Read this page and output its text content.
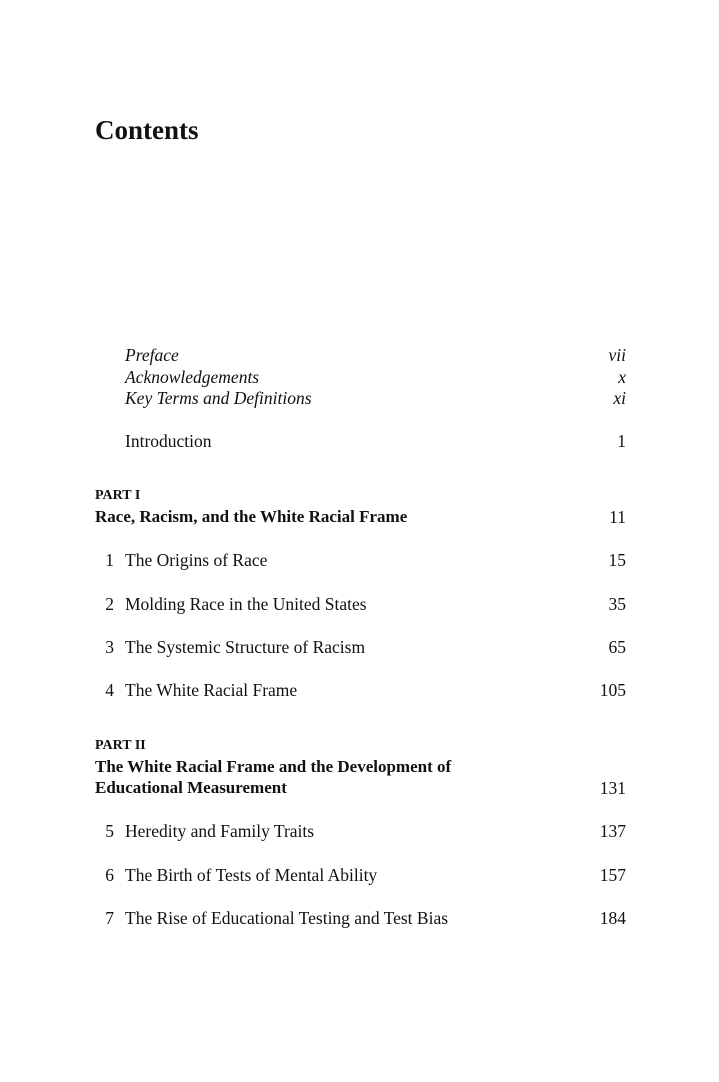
Contents
Preface	vii
Acknowledgements	x
Key Terms and Definitions	xi
Introduction	1
PART I
Race, Racism, and the White Racial Frame	11
1 The Origins of Race	15
2 Molding Race in the United States	35
3 The Systemic Structure of Racism	65
4 The White Racial Frame	105
PART II
The White Racial Frame and the Development of
Educational Measurement	131
5 Heredity and Family Traits	137
6 The Birth of Tests of Mental Ability	157
7 The Rise of Educational Testing and Test Bias	184
